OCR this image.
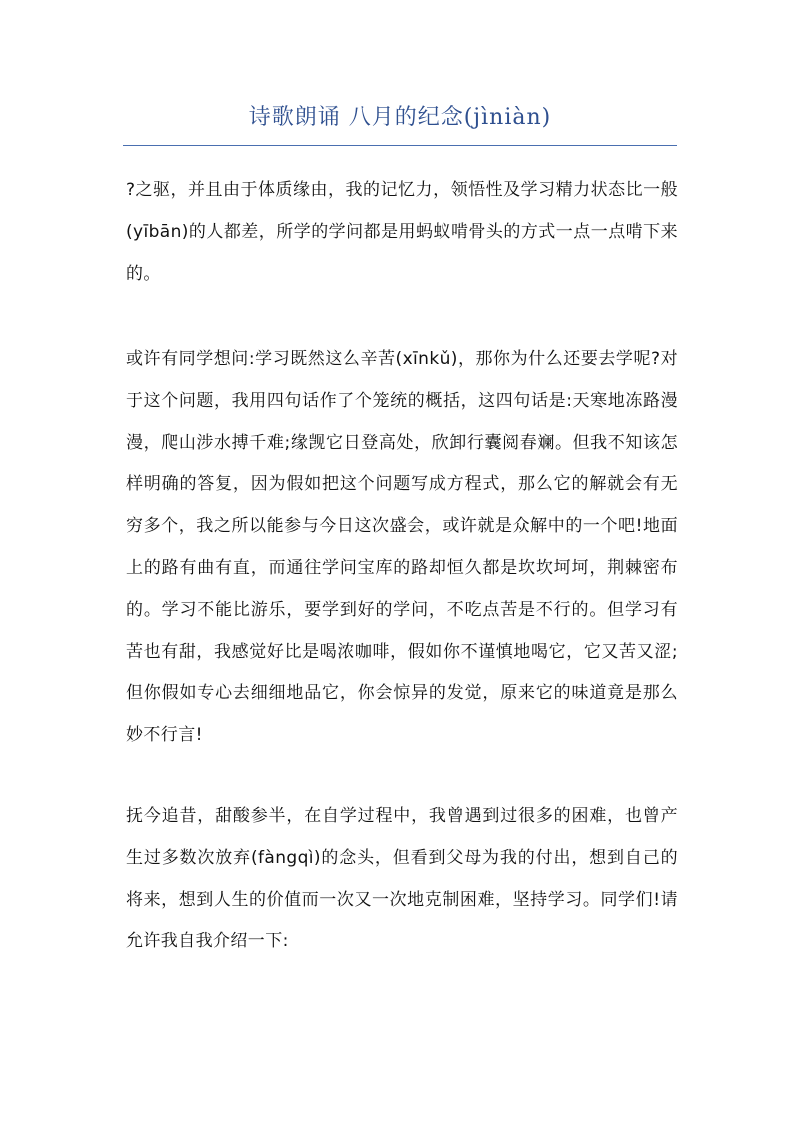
诗歌朗诵 八月的纪念(jìniàn)

?之驱，并且由于体质缘由，我的记忆力，领悟性及学习精力状态比一般(yībān)的人都差，所学的学问都是用蚂蚁啃骨头的方式一点一点啃下来的。

或许有同学想问:学习既然这么辛苦(xīnkǔ)，那你为什么还要去学呢?对于这个问题，我用四句话作了个笼统的概括，这四句话是:天寒地冻路漫漫，爬山涉水搏千难;缘觊它日登高处，欣卸行囊阅春斓。但我不知该怎样明确的答复，因为假如把这个问题写成方程式，那么它的解就会有无穷多个，我之所以能参与今日这次盛会，或许就是众解中的一个吧!地面上的路有曲有直，而通往学问宝库的路却恒久都是坎坎坷坷，荆棘密布的。学习不能比游乐，要学到好的学问，不吃点苦是不行的。但学习有苦也有甜，我感觉好比是喝浓咖啡，假如你不谨慎地喝它，它又苦又涩;但你假如专心去细细地品它，你会惊异的发觉，原来它的味道竟是那么妙不行言!

抚今追昔，甜酸参半，在自学过程中，我曾遇到过很多的困难，也曾产生过多数次放弃(fàngqì)的念头，但看到父母为我的付出，想到自己的将来，想到人生的价值而一次又一次地克制困难，坚持学习。同学们!请允许我自我介绍一下:
